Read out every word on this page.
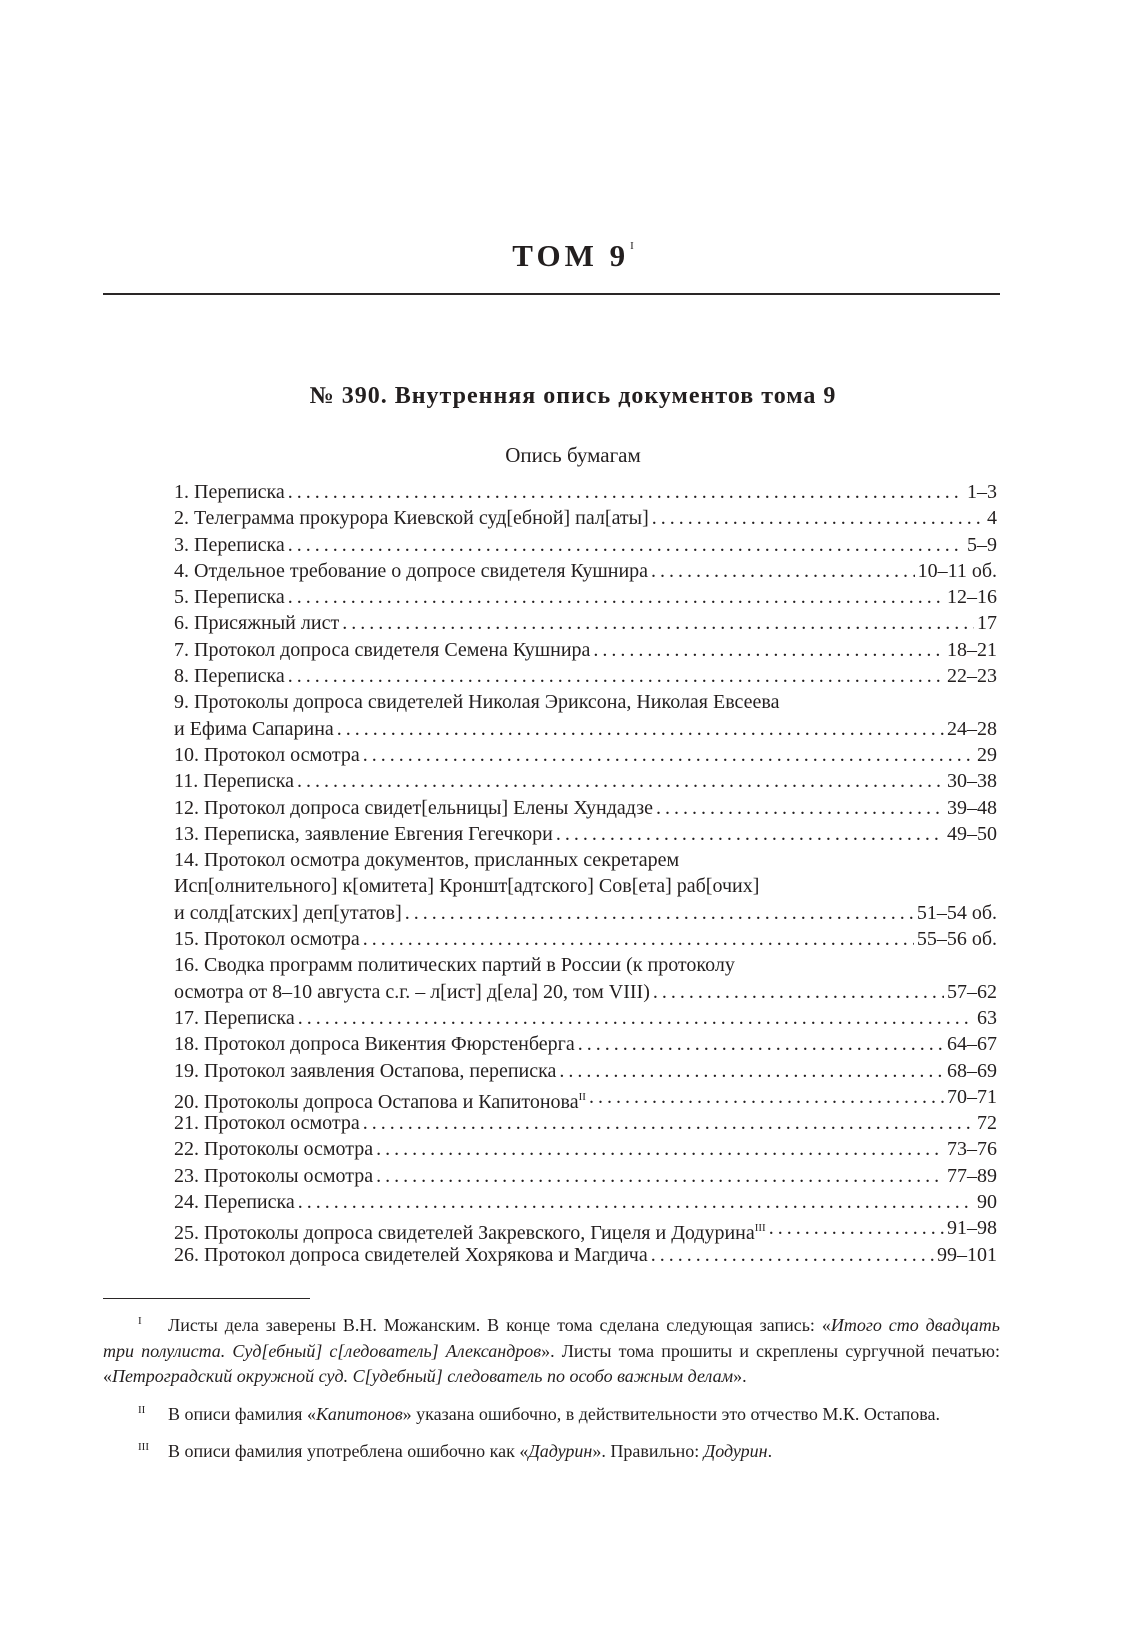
ТОМ $9^I$
№ 390. Внутренняя опись документов тома 9
Опись бумагам
1. Переписка . . .	1–3
2. Телеграмма прокурора Киевской суд[ебной] пал[аты] . . .	4
3. Переписка . . .	5–9
4. Отдельное требование о допросе свидетеля Кушнира . . .	10–11 об.
5. Переписка . . .	12–16
6. Присяжный лист . . .	17
7. Протокол допроса свидетеля Семена Кушнира . . .	18–21
8. Переписка . . .	22–23
9. Протоколы допроса свидетелей Николая Эриксона, Николая Евсеева
и Ефима Сапарина . . .	24–28
10. Протокол осмотра . . .	29
11. Переписка . . .	30–38
12. Протокол допроса свидет[ельницы] Елены Хундадзе . . .	39–48
13. Переписка, заявление Евгения Гегечкори . . .	49–50
14. Протокол осмотра документов, присланных секретарем
Исп[олнительного] к[омитета] Кроншт[адтского] Сов[ета] раб[очих]
и солд[атских] деп[утатов] . . .	51–54 об.
15. Протокол осмотра . . .	55–56 об.
16. Сводка программ политических партий в России (к протоколу
осмотра от 8–10 августа с.г. – л[ист] д[ела] 20, том VIII) . . .	57–62
17. Переписка . . .	63
18. Протокол допроса Викентия Фюрстенберга . . .	64–67
19. Протокол заявления Остапова, переписка . . .	68–69
20. Протоколы допроса Остапова и Капитонова$^{II}$ . . .	70–71
21. Протокол осмотра . . .	72
22. Протоколы осмотра . . .	73–76
23. Протоколы осмотра . . .	77–89
24. Переписка . . .	90
25. Протоколы допроса свидетелей Закревского, Гицеля и Додурина$^{III}$ . . .	91–98
26. Протокол допроса свидетелей Хохрякова и Магдича . . .	99–101
I Листы дела заверены В.Н. Можанским. В конце тома сделана следующая запись: «Итого сто двадцать три полулиста. Суд[ебный] с[ледователь] Александров». Листы тома прошиты и скреплены сургучной печатью: «Петроградский окружной суд. С[удебный] следователь по особо важным делам».
II В описи фамилия «Капитонов» указана ошибочно, в действительности это отчество М.К. Остапова.
III В описи фамилия употреблена ошибочно как «Дадурин». Правильно: Додурин.
